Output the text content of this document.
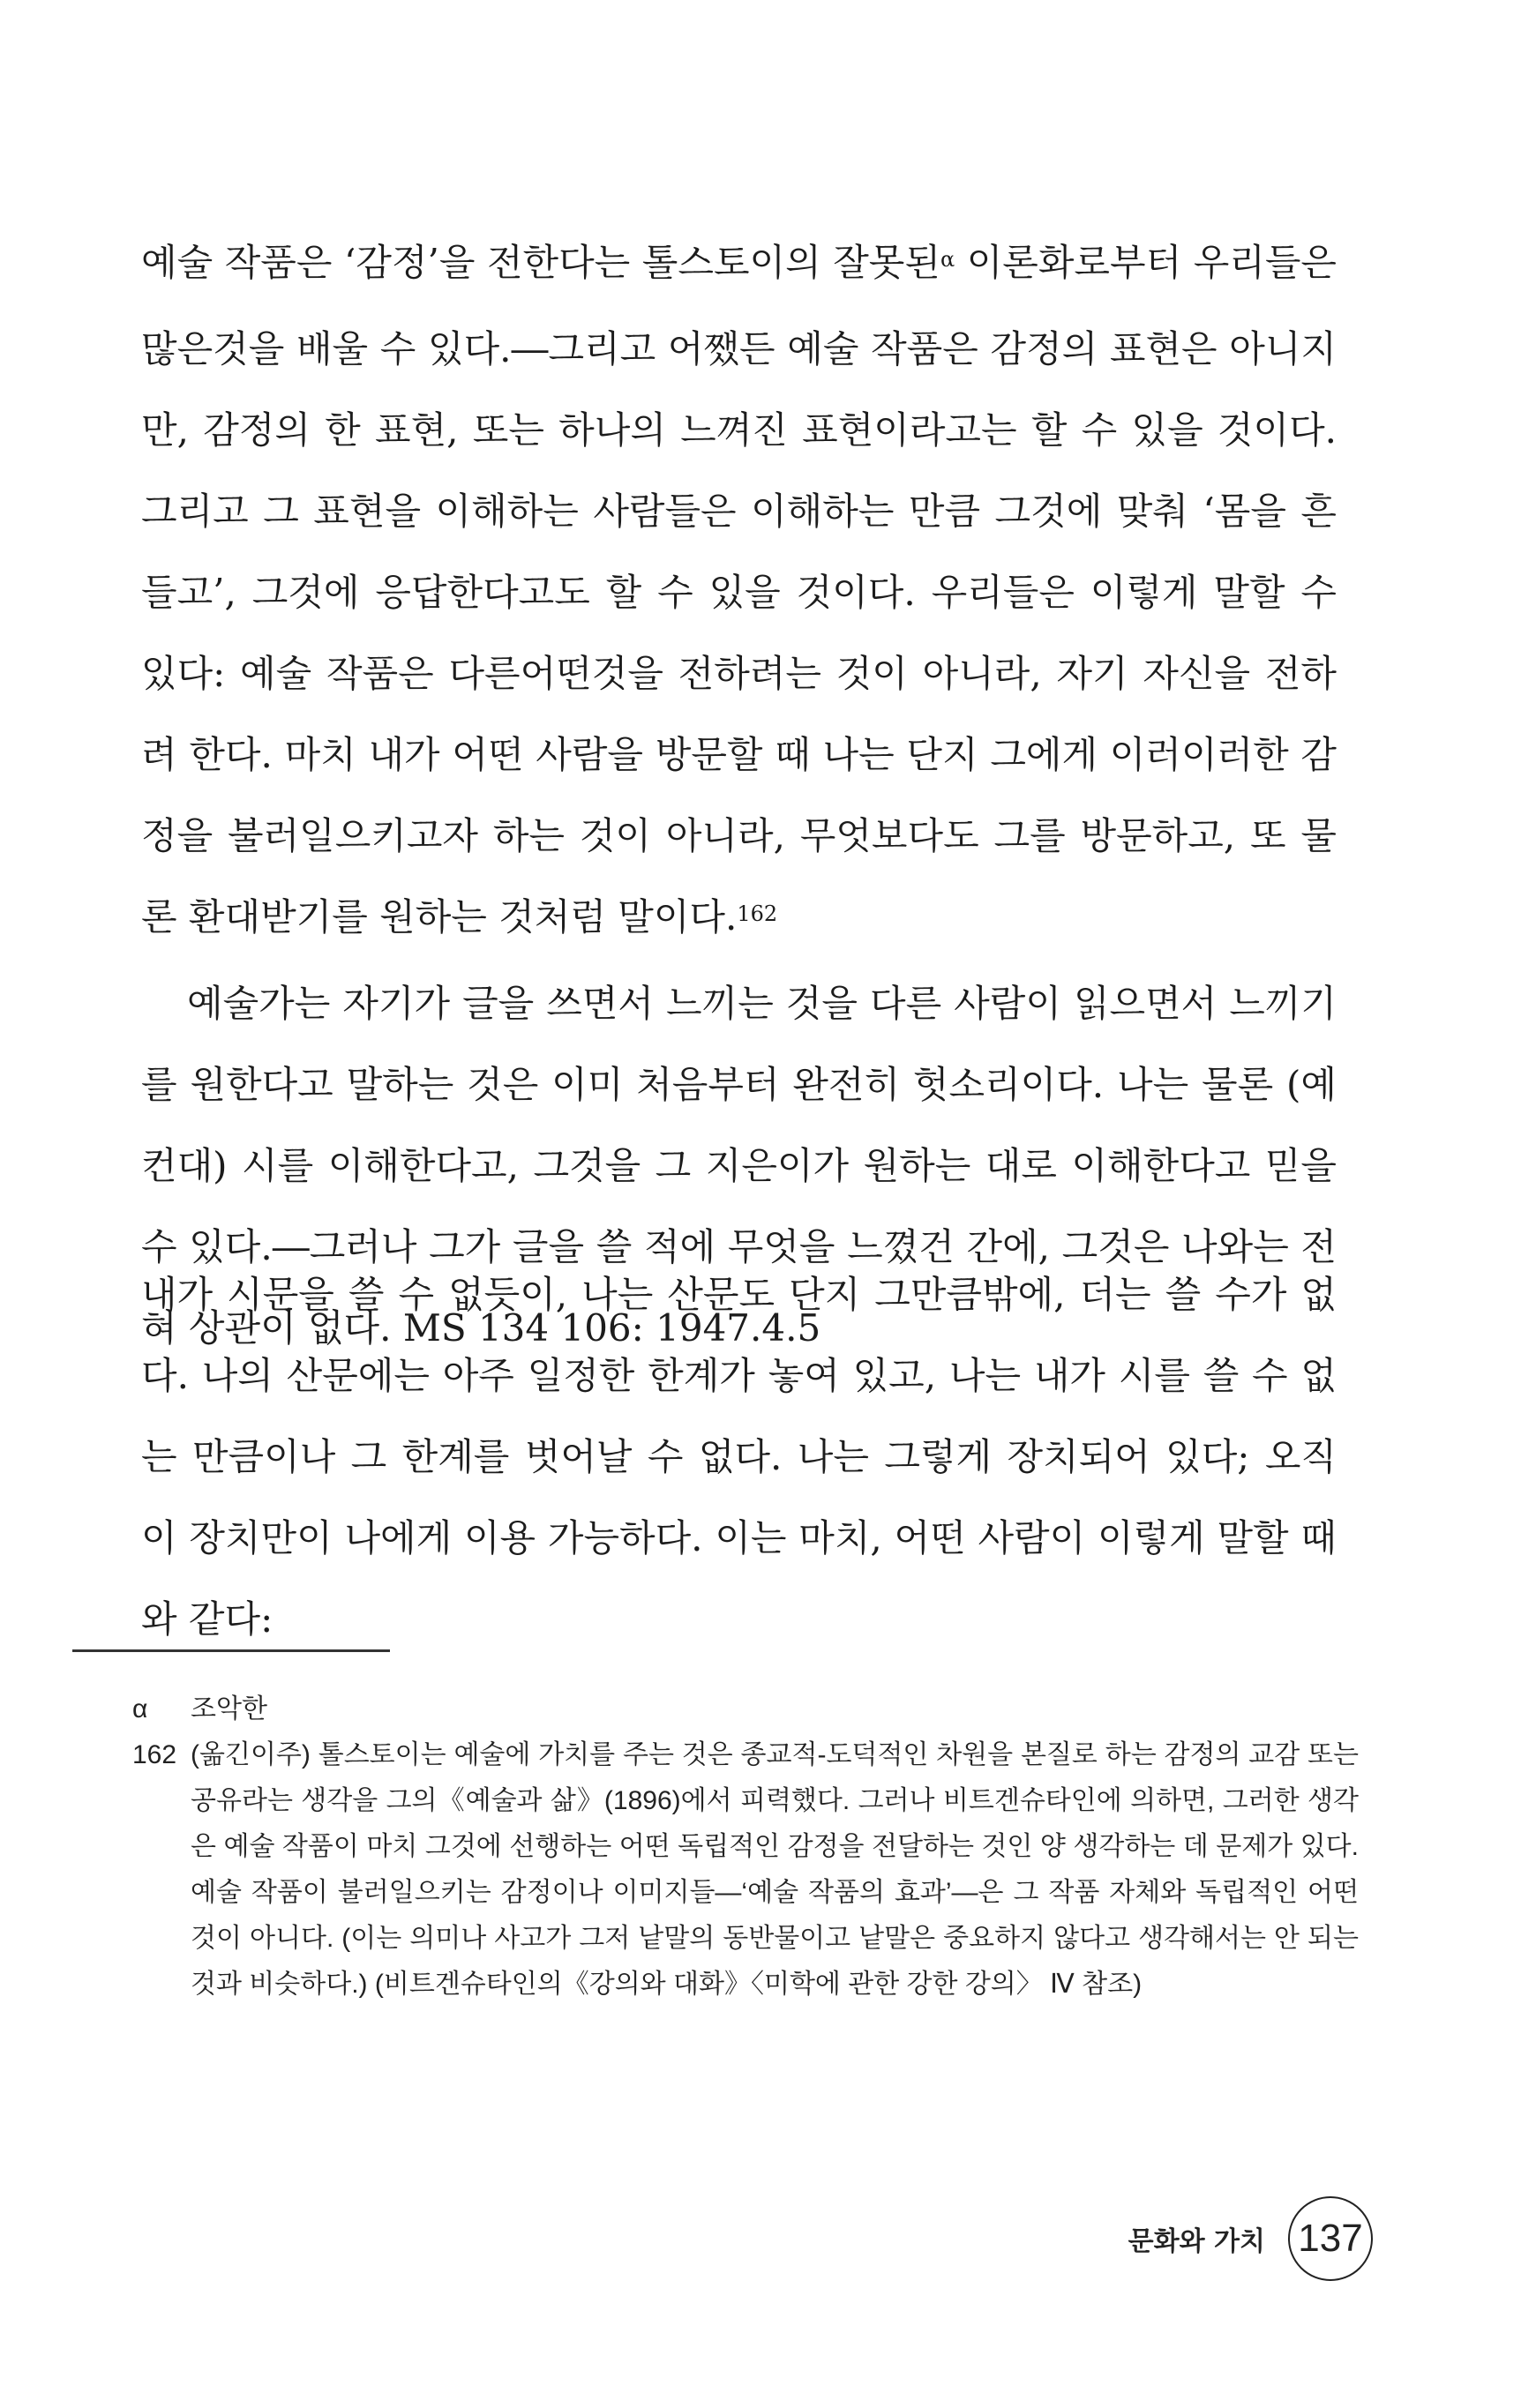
예술 작품은 ‘감정’을 전한다는 톨스토이의 잘못된$^\alpha$ 이론화로부터 우리들은 많은것을 배울 수 있다.―그리고 어쨌든 예술 작품은 감정의 표현은 아니지만, 감정의 한 표현, 또는 하나의 느껴진 표현이라고는 할 수 있을 것이다. 그리고 그 표현을 이해하는 사람들은 이해하는 만큼 그것에 맞춰 ‘몸을 흔들고’, 그것에 응답한다고도 할 수 있을 것이다. 우리들은 이렇게 말할 수 있다: 예술 작품은 다른어떤것을 전하려는 것이 아니라, 자기 자신을 전하려 한다. 마치 내가 어떤 사람을 방문할 때 나는 단지 그에게 이러이러한 감정을 불러일으키고자 하는 것이 아니라, 무엇보다도 그를 방문하고, 또 물론 환대받기를 원하는 것처럼 말이다.$^{162}$

예술가는 자기가 글을 쓰면서 느끼는 것을 다른 사람이 읽으면서 느끼기를 원한다고 말하는 것은 이미 처음부터 완전히 헛소리이다. 나는 물론 (예컨대) 시를 이해한다고, 그것을 그 지은이가 원하는 대로 이해한다고 믿을 수 있다.―그러나 그가 글을 쓸 적에 무엇을 느꼈건 간에, 그것은 나와는 전혀 상관이 없다. MS 134 106: 1947.4.5

내가 시문을 쓸 수 없듯이, 나는 산문도 단지 그만큼밖에, 더는 쓸 수가 없다. 나의 산문에는 아주 일정한 한계가 놓여 있고, 나는 내가 시를 쓸 수 없는 만큼이나 그 한계를 벗어날 수 없다. 나는 그렇게 장치되어 있다; 오직 이 장치만이 나에게 이용 가능하다. 이는 마치, 어떤 사람이 이렇게 말할 때와 같다:

α 조악한

162 (옮긴이주) 톨스토이는 예술에 가치를 주는 것은 종교적-도덕적인 차원을 본질로 하는 감정의 교감 또는 공유라는 생각을 그의《예술과 삶》(1896)에서 피력했다. 그러나 비트겐슈타인에 의하면, 그러한 생각은 예술 작품이 마치 그것에 선행하는 어떤 독립적인 감정을 전달하는 것인 양 생각하는 데 문제가 있다. 예술 작품이 불러일으키는 감정이나 이미지들―‘예술 작품의 효과’―은 그 작품 자체와 독립적인 어떤 것이 아니다. (이는 의미나 사고가 그저 낱말의 동반물이고 낱말은 중요하지 않다고 생각해서는 안 되는 것과 비슷하다.) (비트겐슈타인의《강의와 대화》〈미학에 관한 강한 강의〉 Ⅳ 참조)

문화와 가치 137
